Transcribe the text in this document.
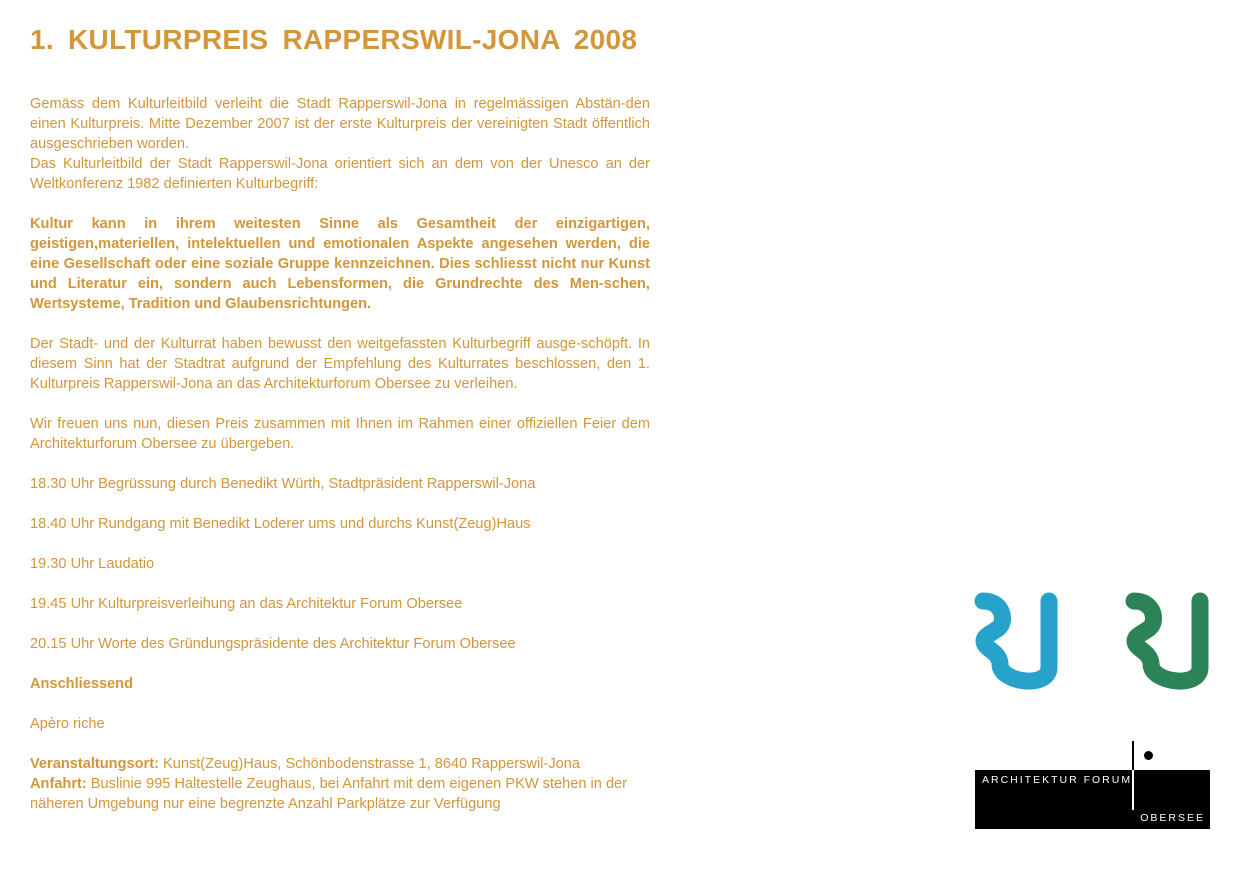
1. KULTURPREIS RAPPERSWIL-JONA 2008

Gemäss dem Kulturleitbild verleiht die Stadt Rapperswil-Jona in regelmässigen Abstän-den einen Kulturpreis. Mitte Dezember 2007 ist der erste Kulturpreis der vereinigten Stadt öffentlich ausgeschrieben worden.

Das Kulturleitbild der Stadt Rapperswil-Jona orientiert sich an dem von der Unesco an der Weltkonferenz 1982 definierten Kulturbegriff:

Kultur kann in ihrem weitesten Sinne als Gesamtheit der einzigartigen, geistigen,materiellen, intelektuellen und emotionalen Aspekte angesehen werden, die eine Gesellschaft oder eine soziale Gruppe kennzeichnen. Dies schliesst nicht nur Kunst und Literatur ein, sondern auch Lebensformen, die Grundrechte des Men-schen, Wertsysteme, Tradition und Glaubensrichtungen.

Der Stadt- und der Kulturrat haben bewusst den weitgefassten Kulturbegriff ausge-schöpft. In diesem Sinn hat der Stadtrat aufgrund der Empfehlung des Kulturrates beschlossen, den 1. Kulturpreis Rapperswil-Jona an das Architekturforum Obersee zu verleihen.

Wir freuen uns nun, diesen Preis zusammen mit Ihnen im Rahmen einer offiziellen Feier dem Architekturforum Obersee zu übergeben.

18.30 Uhr Begrüssung durch Benedikt Würth, Stadtpräsident Rapperswil-Jona

18.40 Uhr Rundgang mit Benedikt Loderer ums und durchs Kunst(Zeug)Haus

19.30 Uhr Laudatio

19.45 Uhr Kulturpreisverleihung an das Architektur Forum Obersee

20.15 Uhr Worte des Gründungspräsidente des Architektur Forum Obersee

Anschliessend

Apèro riche

Veranstaltungsort: Kunst(Zeug)Haus, Schönbodenstrasse 1, 8640 Rapperswil-Jona

Anfahrt: Buslinie 995 Haltestelle Zeughaus, bei Anfahrt mit dem eigenen PKW stehen in der näheren Umgebung nur eine begrenzte Anzahl Parkplätze zur Verfügung

ARCHITEKTUR FORUM
OBERSEE
